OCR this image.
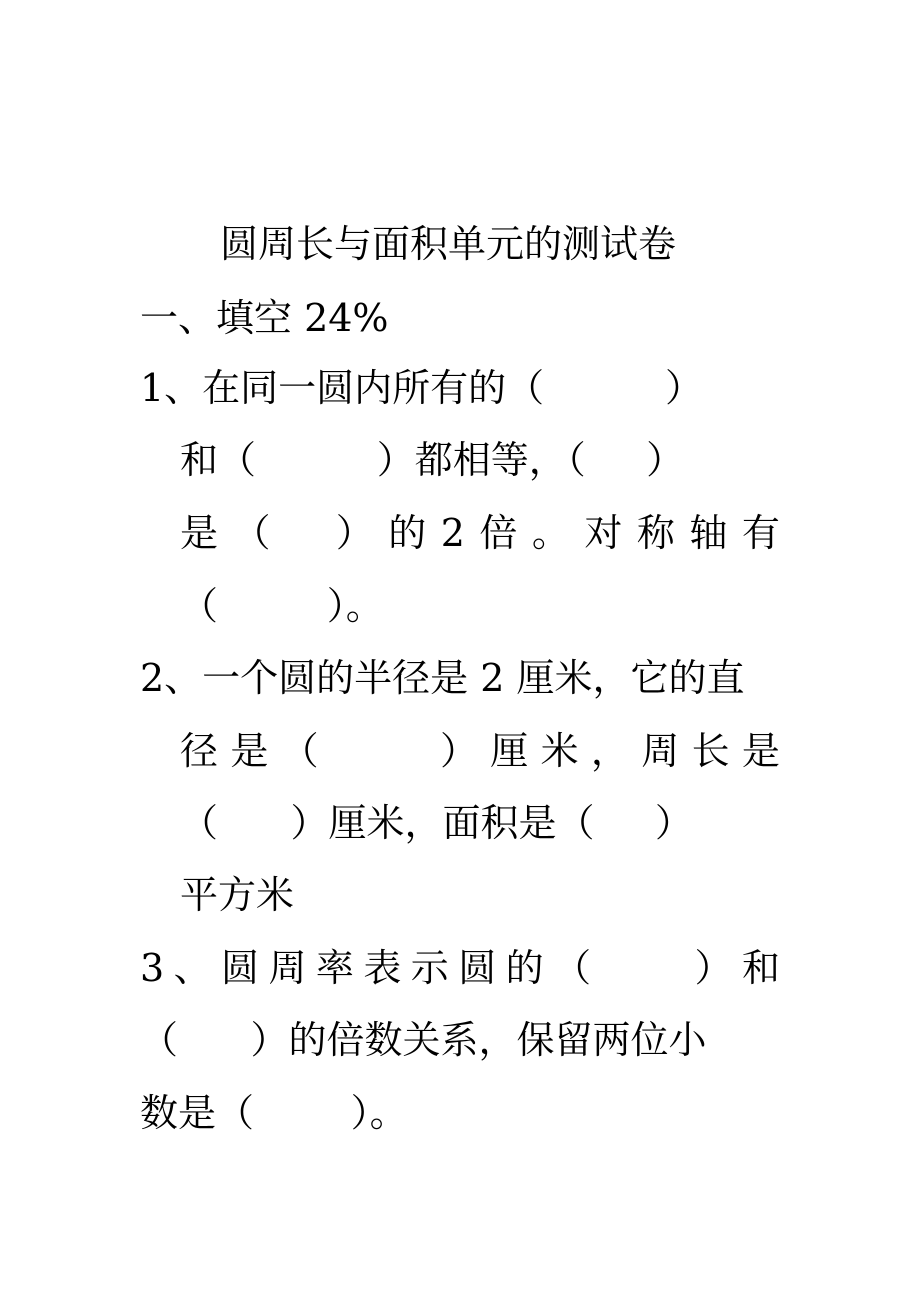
圆周长与面积单元的测试卷
一、填空 24%
1、在同一圆内所有的（          ）
和（          ）都相等，（     ）
是 （
） 的 2 倍 。 对 称 轴 有
（         ）。
2、一个圆的半径是 2 厘米，它的直
径 是 （
	） 厘 米 ， 周 长 是
（      ）厘米，面积是（     ）
平方米
3 、 圆 周 率 表 示 圆 的 （
	） 和
（      ）的倍数关系，保留两位小
数是（        ）。
